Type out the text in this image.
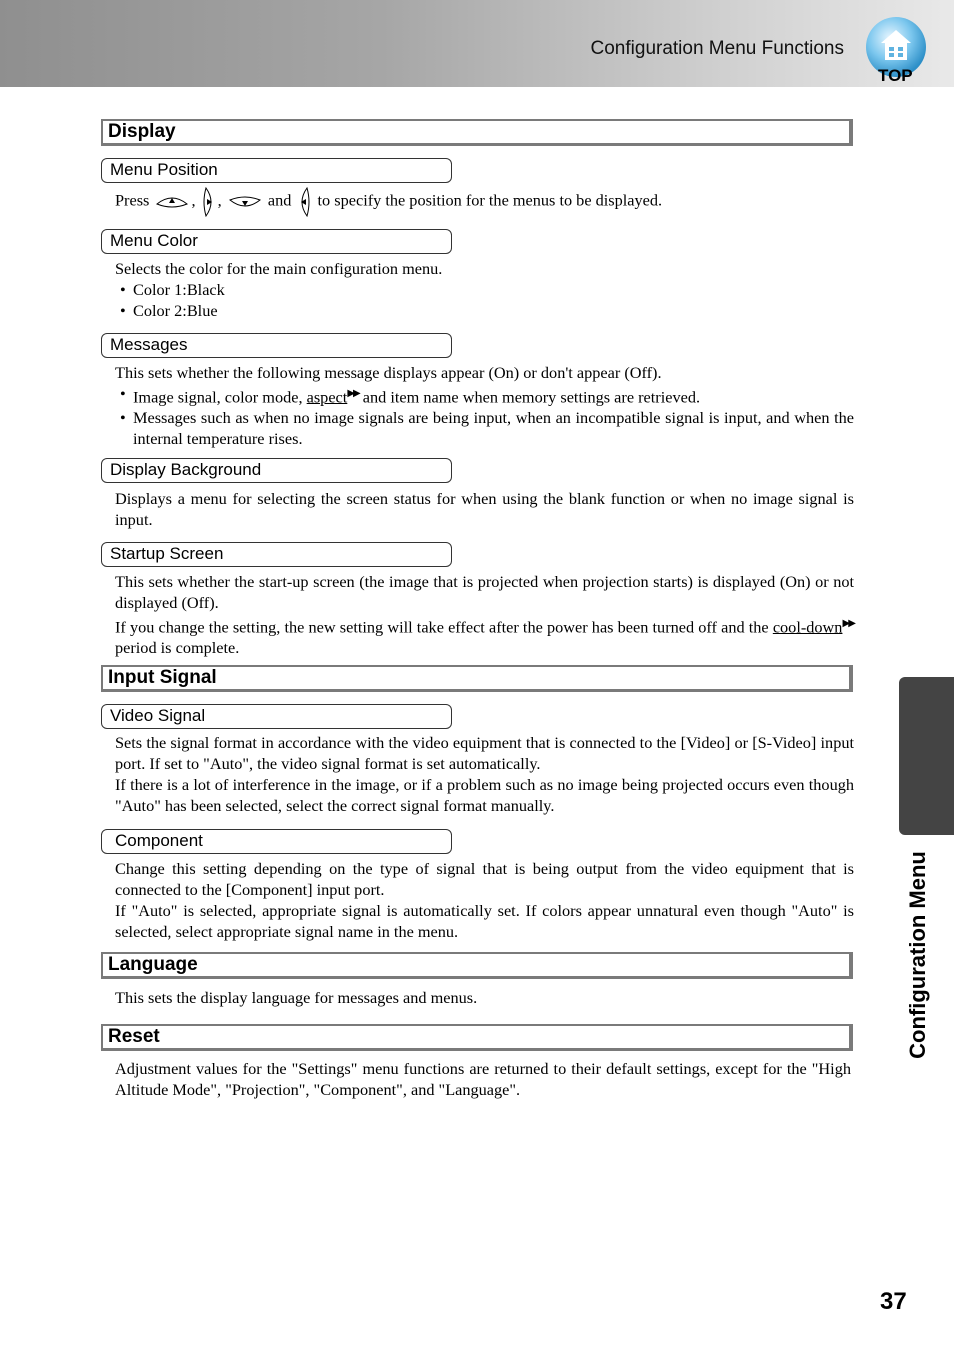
Configuration Menu Functions
TOP
Display
Menu Position

Press	, ,	and to specify the position for the menus to be displayed.

Menu Color

Selects the color for the main configuration menu.

• Color 1:Black

• Color 2:Blue

Messages

This sets whether the following message displays appear (On) or don't appear (Off).

• Image signal, color mode, aspect▶▶ and item name when memory settings are retrieved.

• Messages such as when no image signals are being input, when an incompatible signal is input, and when the internal temperature rises.

Display Background

Displays a menu for selecting the screen status for when using the blank function or when no image signal is input.

Startup Screen

This sets whether the start-up screen (the image that is projected when projection starts) is displayed (On) or not displayed (Off).

If you change the setting, the new setting will take effect after the power has been turned off and the cool-down▶▶ period is complete.

Input Signal
Video Signal

Sets the signal format in accordance with the video equipment that is connected to the [Video] or [S-Video] input port. If set to "Auto", the video signal format is set automatically.

If there is a lot of interference in the image, or if a problem such as no image being projected occurs even though "Auto" has been selected, select the correct signal format manually.

Component

Change this setting depending on the type of signal that is being output from the video equipment that is connected to the [Component] input port.

If "Auto" is selected, appropriate signal is automatically set. If colors appear unnatural even though "Auto" is selected, select appropriate signal name in the menu.

Language

This sets the display language for messages and menus.

Reset

Adjustment values for the "Settings" menu functions are returned to their default settings, except for the "High Altitude Mode", "Projection", "Component", and "Language".

Configuration Menu
37
